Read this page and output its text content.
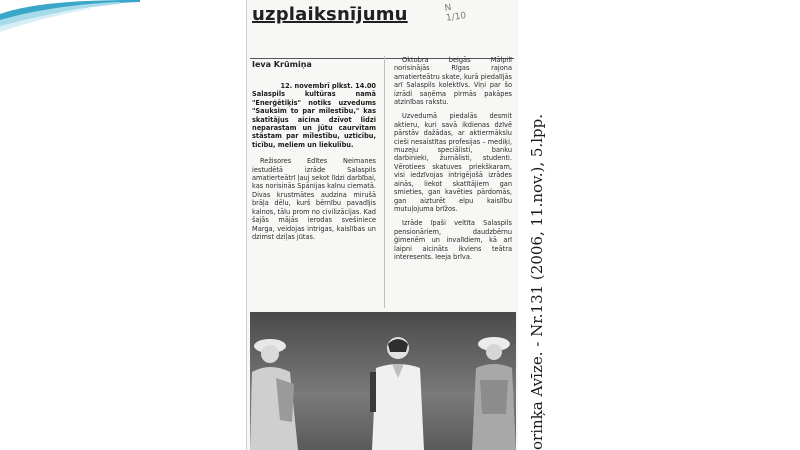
uzplaiksnījumu	N
1/10
Ieva Krūmiņa

12. novembrī plkst. 14.00
Salaspils kultūras namā "Enerģētiķis" notiks uzvedums "Sauksim to par mīlestību," kas skatītājus aicina dzīvot līdzi neparastam un jūtu caurvītam stāstam par mīlestību, uzticību, ticību, meliem un liekulību.

Režisores Edītes Neimanes iestudētā izrāde Salaspils amatierteātrī ļauj sekot līdzi darbībai, kas norisinās Spānijas kalnu ciematā. Divas krustmātes audzina mirušā brāļa dēlu, kurš bērnību pavadījis kalnos, tālu prom no civilizācijas. Kad šajās mājās ierodas svešiniece Marga, veidojas intrigas, kaislības un dzimst dziļas jūtas.

Oktobra beigās Mālpilī norisinājās Rīgas rajona amatierteātru skate, kurā piedalījās arī Salaspils kolektīvs. Viņi par šo izrādi saņēma pirmās pakāpes atzinības rakstu.

Uzvedumā piedalās desmit aktieru, kuri savā ikdienas dzīvē pārstāv dažādas, ar aktiermākslu cieši nesaistītas profesijas – mediķi, muzeju speciālisti, banku darbinieki, žurnālisti, studenti. Vērotiees skatuves priekškaram, visi iedzīvojas intrigējošā izrādes ainās, liekot skatītājiem gan smieties, gan kavēties pārdomās, gan aizturēt elpu kaislību mutuļojuma brīžos.

Izrāde īpaši veltīta Salaspils pensionāriem, daudzbērnu ģimenēm un invalīdiem, kā arī laipni aicināts ikviens teātra interesents. Ieeja brīva.	orinķa Avīze. - Nr.131 (2006, 11.nov.), 5.lpp.
